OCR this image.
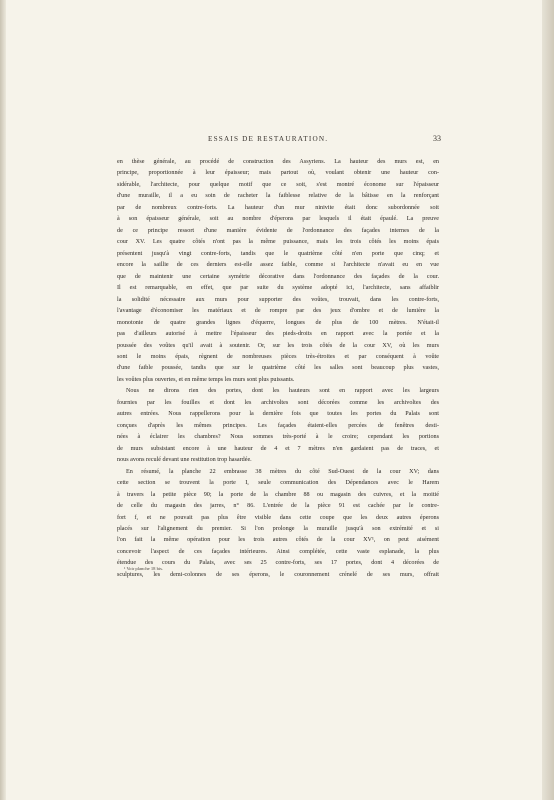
ESSAIS DE RESTAURATION.	33
en thèse générale, au procédé de construction des Assyriens. La hauteur des murs est, en
principe, proportionnée à leur épaisseur; mais partout où, voulant obtenir une hauteur con-
sidérable, l'architecte, pour quelque motif que ce soit, s'est montré économe sur l'épaisseur
d'une muraille, il a eu soin de racheter la faiblesse relative de la bâtisse en la renforçant
par de nombreux contre-forts. La hauteur d'un mur ninivite était donc subordonnée soit
à son épaisseur générale, soit au nombre d'éperons par lesquels il était épaulé. La preuve
de ce principe ressort d'une manière évidente de l'ordonnance des façades internes de la
cour XV. Les quatre côtés n'ont pas la même puissance, mais les trois côtés les moins épais
présentent jusqu'à vingt contre-forts, tandis que le quatrième côté n'en porte que cinq; et
encore la saillie de ces derniers est-elle assez faible, comme si l'architecte n'avait eu en vue
que de maintenir une certaine symétrie décorative dans l'ordonnance des façades de la cour.
Il est remarquable, en effet, que par suite du système adopté ici, l'architecte, sans affaiblir
la solidité nécessaire aux murs pour supporter des voûtes, trouvait, dans les contre-forts,
l'avantage d'économiser les matériaux et de rompre par des jeux d'ombre et de lumière la
monotonie de quatre grandes lignes d'équerre, longues de plus de 100 mètres. N'était-il
pas d'ailleurs autorisé à mettre l'épaisseur des pieds-droits en rapport avec la portée et la
poussée des voûtes qu'il avait à soutenir. Or, sur les trois côtés de la cour XV, où les murs
sont le moins épais, règnent de nombreuses pièces très-étroites et par conséquent à voûte
d'une faible poussée, tandis que sur le quatrième côté les salles sont beaucoup plus vastes,
les voûtes plus ouvertes, et en même temps les murs sont plus puissants.
Nous ne dirons rien des portes, dont les hauteurs sont en rapport avec les largeurs
fournies par les fouilles et dont les archivoltes sont décorées comme les archivoltes des
autres entrées. Nous rappellerons pour la dernière fois que toutes les portes du Palais sont
conçues d'après les mêmes principes. Les façades étaient-elles percées de fenêtres desti-
nées à éclairer les chambres? Nous sommes très-porté à le croire; cependant les portions
de murs subsistant encore à une hauteur de 4 et 7 mètres n'en gardaient pas de traces, et
nous avons reculé devant une restitution trop hasardée.
En résumé, la planche 22 embrasse 38 mètres du côté Sud-Ouest de la cour XV; dans
cette section se trouvent la porte I, seule communication des Dépendances avec le Harem
à travers la petite pièce 90; la porte de la chambre 88 ou magasin des cuivres, et la moitié
de celle du magasin des jarres, n° 86. L'entrée de la pièce 91 est cachée par le contre-
fort f, et ne pouvait pas plus être visible dans cette coupe que les deux autres éperons
placés sur l'alignement du premier. Si l'on prolonge la muraille jusqu'à son extrémité et si
l'on fait la même opération pour les trois autres côtés de la cour XV¹, on peut aisément
concevoir l'aspect de ces façades intérieures. Ainsi complétée, cette vaste esplanade, la plus
étendue des cours du Palais, avec ses 25 contre-forts, ses 17 portes, dont 4 décorées de
sculptures, les demi-colonnes de ses éperons, le couronnement crénelé de ses murs, offrait
¹ Voir planche 18 bis.
